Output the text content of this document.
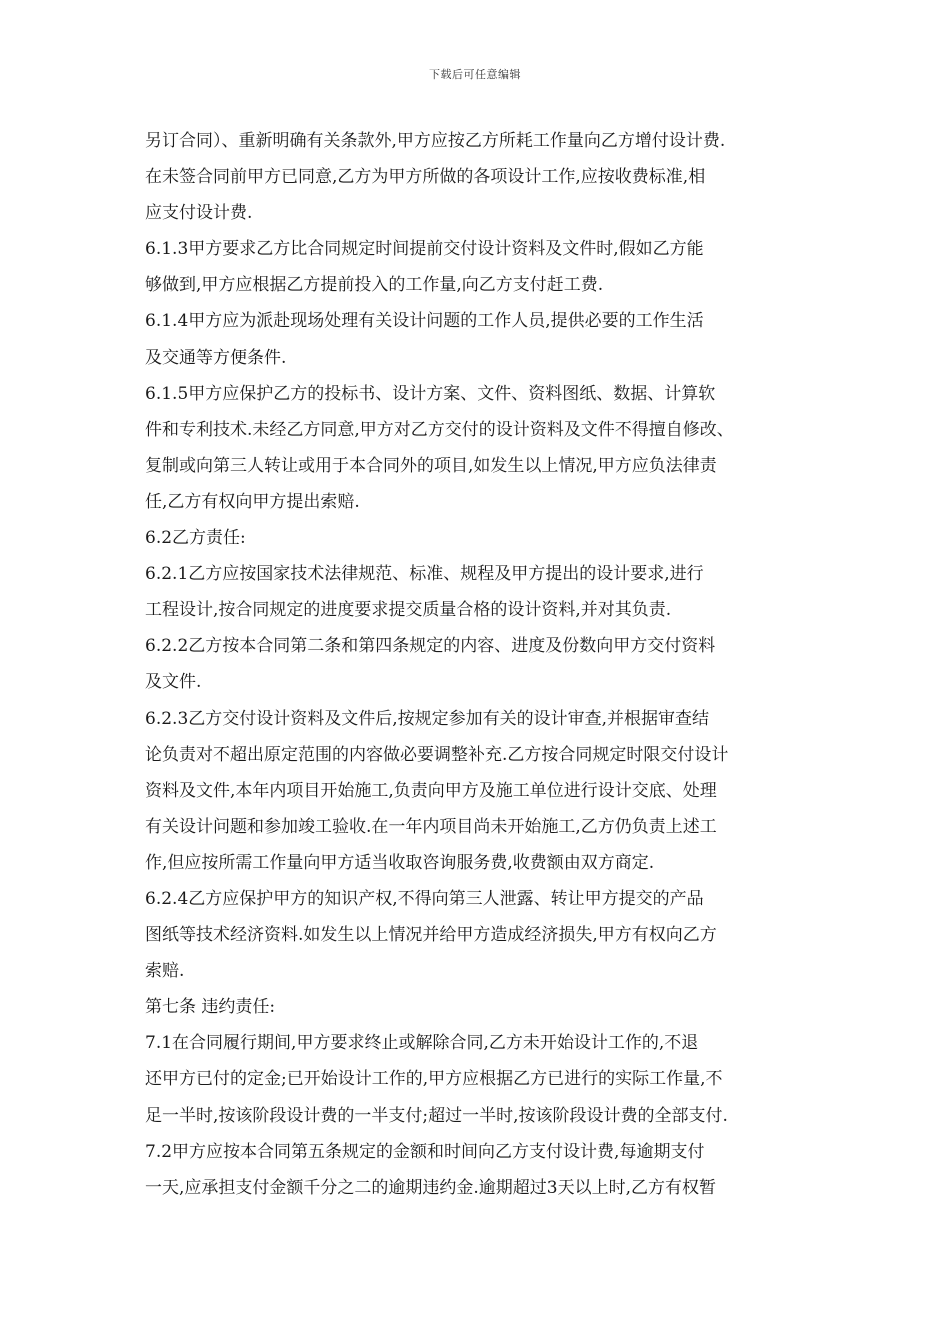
下载后可任意编辑
另订合同）、重新明确有关条款外,甲方应按乙方所耗工作量向乙方增付设计费.
在未签合同前甲方已同意,乙方为甲方所做的各项设计工作,应按收费标准,相
应支付设计费.
6.1.3甲方要求乙方比合同规定时间提前交付设计资料及文件时,假如乙方能
够做到,甲方应根据乙方提前投入的工作量,向乙方支付赶工费.
6.1.4甲方应为派赴现场处理有关设计问题的工作人员,提供必要的工作生活
及交通等方便条件.
6.1.5甲方应保护乙方的投标书、设计方案、文件、资料图纸、数据、计算软
件和专利技术.未经乙方同意,甲方对乙方交付的设计资料及文件不得擅自修改、
复制或向第三人转让或用于本合同外的项目,如发生以上情况,甲方应负法律责
任,乙方有权向甲方提出索赔.
6.2乙方责任:
6.2.1乙方应按国家技术法律规范、标准、规程及甲方提出的设计要求,进行
工程设计,按合同规定的进度要求提交质量合格的设计资料,并对其负责.
6.2.2乙方按本合同第二条和第四条规定的内容、进度及份数向甲方交付资料
及文件.
6.2.3乙方交付设计资料及文件后,按规定参加有关的设计审查,并根据审查结
论负责对不超出原定范围的内容做必要调整补充.乙方按合同规定时限交付设计
资料及文件,本年内项目开始施工,负责向甲方及施工单位进行设计交底、处理
有关设计问题和参加竣工验收.在一年内项目尚未开始施工,乙方仍负责上述工
作,但应按所需工作量向甲方适当收取咨询服务费,收费额由双方商定.
6.2.4乙方应保护甲方的知识产权,不得向第三人泄露、转让甲方提交的产品
图纸等技术经济资料.如发生以上情况并给甲方造成经济损失,甲方有权向乙方
索赔.
第七条 违约责任:
7.1在合同履行期间,甲方要求终止或解除合同,乙方未开始设计工作的,不退
还甲方已付的定金;已开始设计工作的,甲方应根据乙方已进行的实际工作量,不
足一半时,按该阶段设计费的一半支付;超过一半时,按该阶段设计费的全部支付.
7.2甲方应按本合同第五条规定的金额和时间向乙方支付设计费,每逾期支付
一天,应承担支付金额千分之二的逾期违约金.逾期超过3天以上时,乙方有权暂
